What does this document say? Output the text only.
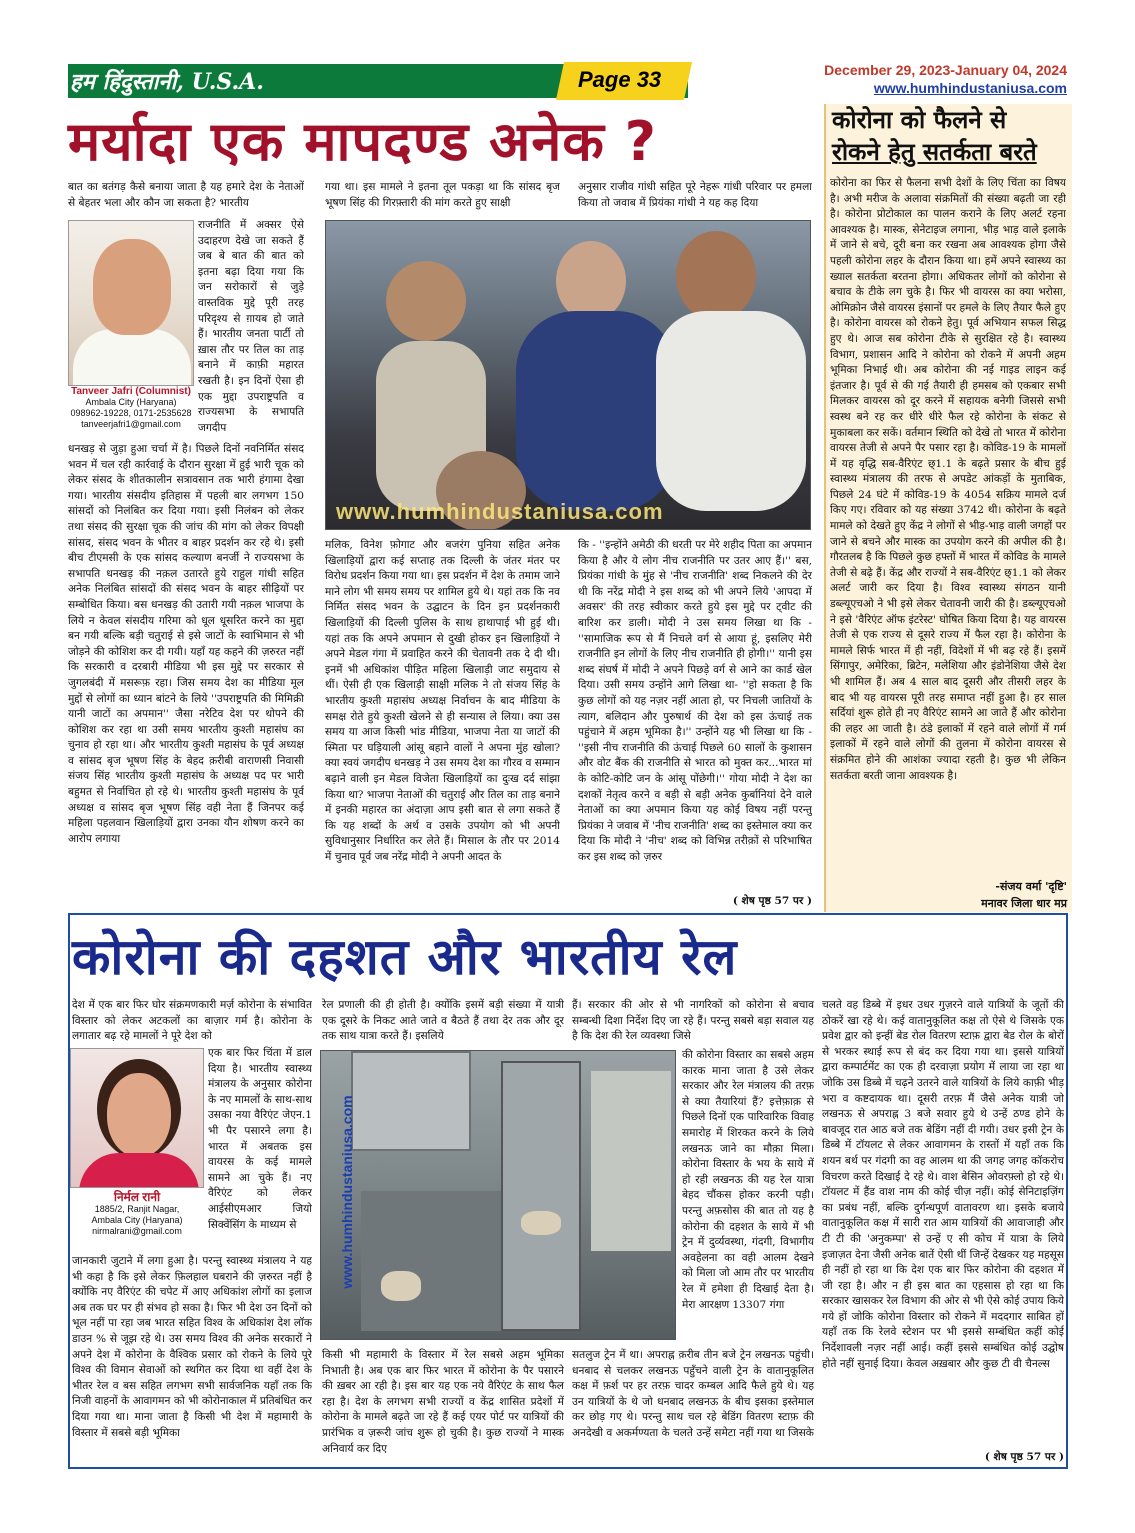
हम हिंदुस्तानी, U.S.A.	Page 33	December 29, 2023-January 04, 2024
www.humhindustaniusa.com
मर्यादा एक मापदण्ड अनेक ?
बात का बतंगड़ कैसे बनाया जाता है यह हमारे देश के नेताओं से बेहतर भला और कौन जा सकता है? भारतीय
Tanveer Jafri (Columnist)
Ambala City (Haryana)
098962-19228, 0171-2535628
tanveerjafri1@gmail.com
राजनीति में अक्सर ऐसे उदाहरण देखे जा सकते हैं जब बे बात की बात को इतना बढ़ा दिया गया कि जन सरोकारों से जुड़े वास्तविक मुद्दे पूरी तरह परिदृश्य से ग़ायब हो जाते हैं। भारतीय जनता पार्टी तो ख़ास तौर पर तिल का ताड़ बनाने में काफ़ी महारत रखती है। इन दिनों ऐसा ही एक मुद्दा उपराष्ट्रपति व राज्यसभा के सभापति जगदीप
धनखड़ से जुड़ा हुआ चर्चा में है। पिछले दिनों नवनिर्मित संसद भवन में चल रही कार्रवाई के दौरान सुरक्षा में हुई भारी चूक को लेकर संसद के शीतकालीन सत्रावसान तक भारी हंगामा देखा गया। भारतीय संसदीय इतिहास में पहली बार लगभग 150 सांसदों को निलंबित कर दिया गया। इसी निलंबन को लेकर तथा संसद की सुरक्षा चूक की जांच की मांग को लेकर विपक्षी सांसद, संसद भवन के भीतर व बाहर प्रदर्शन कर रहे थे। इसी बीच टीएमसी के एक सांसद कल्याण बनर्जी ने राज्यसभा के सभापति धनखड़ की नक़ल उतारते हुये राहुल गांधी सहित अनेक निलंबित सांसदों की संसद भवन के बाहर सीढ़ियों पर सम्बोधित किया। बस धनखड़ की उतारी गयी नक़ल भाजपा के लिये न केवल संसदीय गरिमा को धूल धूसरित करने का मुद्दा बन गयी बल्कि बड़ी चतुराई से इसे जाटों के स्वाभिमान से भी जोड़ने की कोशिश कर दी गयी। यहाँ यह कहने की ज़रुरत नहीं कि सरकारी व दरबारी मीडिया भी इस मुद्दे पर सरकार से जुगलबंदी में मसरूफ़ रहा। जिस समय देश का मीडिया मूल मुद्दों से लोगों का ध्यान बांटने के लिये ''उपराष्ट्रपति की मिमिक्री यानी जाटों का अपमान'' जैसा नरेटिव देश पर थोपने की कोशिश कर रहा था उसी समय भारतीय कुश्ती महासंघ का चुनाव हो रहा था। और भारतीय कुश्ती महासंघ के पूर्व अध्यक्ष व सांसद बृज भूषण सिंह के बेहद क़रीबी वाराणसी निवासी संजय सिंह भारतीय कुश्ती महासंघ के अध्यक्ष पद पर भारी बहुमत से निर्वाचित हो रहे थे। भारतीय कुश्ती महासंघ के पूर्व अध्यक्ष व सांसद बृज भूषण सिंह वही नेता हैं जिनपर कई महिला पहलवान खिलाड़ियों द्वारा उनका यौन शोषण करने का आरोप लगाया
गया था। इस मामले ने इतना तूल पकड़ा था कि सांसद बृज भूषण सिंह की गिरफ़्तारी की मांग करते हुए साक्षी
अनुसार राजीव गांधी सहित पूरे नेहरू गांधी परिवार पर हमला किया तो जवाब में प्रियंका गांधी ने यह कह दिया
www.humhindustaniusa.com
मलिक, विनेश फ़ोगाट और बजरंग पुनिया सहित अनेक खिलाड़ियों द्वारा कई सप्ताह तक दिल्ली के जंतर मंतर पर विरोध प्रदर्शन किया गया था। इस प्रदर्शन में देश के तमाम जाने माने लोग भी समय समय पर शामिल हुये थे। यहां तक कि नव निर्मित संसद भवन के उद्घाटन के दिन इन प्रदर्शनकारी खिलाड़ियों की दिल्ली पुलिस के साथ हाथापाई भी हुई थी। यहां तक कि अपने अपमान से दुखी होकर इन खिलाड़ियों ने अपने मेडल गंगा में प्रवाहित करने की चेतावनी तक दे दी थी। इनमें भी अधिकांश पीड़ित महिला खिलाड़ी जाट समुदाय से थीं। ऐसी ही एक खिलाड़ी साक्षी मलिक ने तो संजय सिंह के भारतीय कुश्ती महासंघ अध्यक्ष निर्वाचन के बाद मीडिया के समक्ष रोते हुये कुश्ती खेलने से ही सन्यास ले लिया। क्या उस समय या आज किसी भांड मीडिया, भाजपा नेता या जाटों की स्मिता पर घड़ियाली आंसू बहाने वालों ने अपना मुंह खोला? क्या स्वयं जगदीप धनखड़ ने उस समय देश का गौरव व सम्मान बढ़ाने वाली इन मेडल विजेता खिलाड़ियों का दुःख दर्द सांझा किया था? भाजपा नेताओं की चतुराई और तिल का ताड़ बनाने में इनकी महारत का अंदाज़ा आप इसी बात से लगा सकते हैं कि यह शब्दों के अर्थ व उसके उपयोग को भी अपनी सुविधानुसार निर्धारित कर लेते हैं। मिसाल के तौर पर 2014 में चुनाव पूर्व जब नरेंद्र मोदी ने अपनी आदत के
कि - ''इन्होंने अमेठी की धरती पर मेरे शहीद पिता का अपमान किया है और ये लोग नीच राजनीति पर उतर आए हैं।'' बस, प्रियंका गांधी के मुंह से 'नीच राजनीति' शब्द निकलने की देर थी कि नरेंद्र मोदी ने इस शब्द को भी अपने लिये 'आपदा में अवसर' की तरह स्वीकार करते हुये इस मुद्दे पर ट्वीट की बारिश कर डाली। मोदी ने उस समय लिखा था कि - ''सामाजिक रूप से मैं निचले वर्ग से आया हूं, इसलिए मेरी राजनीति इन लोगों के लिए नीच राजनीति ही होगी।'' यानी इस शब्द संघर्ष में मोदी ने अपने पिछड़े वर्ग से आने का कार्ड खेल दिया। उसी समय उन्होंने आगे लिखा था- ''हो सकता है कि कुछ लोगों को यह नज़र नहीं आता हो, पर निचली जातियों के त्याग, बलिदान और पुरुषार्थ की देश को इस ऊंचाई तक पहुंचाने में अहम भूमिका है।'' उन्होंने यह भी लिखा था कि - ''इसी नीच राजनीति की ऊंचाई पिछले 60 सालों के कुशासन और वोट बैंक की राजनीति से भारत को मुक्त कर...भारत मां के कोटि-कोटि जन के आंसू पोंछेगी।'' गोया मोदी ने देश का दशकों नेतृत्व करने व बड़ी से बड़ी अनेक कुर्बानियां देने वाले नेताओं का क्या अपमान किया यह कोई विषय नहीं परन्तु प्रियंका ने जवाब में 'नीच राजनीति' शब्द का इस्तेमाल क्या कर दिया कि मोदी ने 'नीच' शब्द को विभिन्न तरीक़ों से परिभाषित कर इस शब्द को ज़रुर
( शेष पृष्ठ 57 पर )
कोरोना को फैलने से
रोकने हेतु सतर्कता बरते
कोरोना का फिर से फैलना सभी देशों के लिए चिंता का विषय है। अभी मरीज के अलावा संक्रमितों की संख्या बढ़ती जा रही है। कोरोना प्रोटोकाल का पालन कराने के लिए अलर्ट रहना आवश्यक है। मास्क, सेनेटाइज लगाना, भीड़ भाड़ वाले इलाके में जाने से बचे, दूरी बना कर रखना अब आवश्यक होगा जैसे पहली कोरोना लहर के दौरान किया था। हमें अपने स्वास्थ्य का ख्याल सतर्कता बरतना होगा। अधिकतर लोगों को कोरोना से बचाव के टीके लग चुके है। फिर भी वायरस का क्या भरोसा, ओमिक्रोन जैसे वायरस इंसानों पर हमले के लिए तैयार फैले हुए है। कोरोना वायरस को रोकने हेतु। पूर्व अभियान सफल सिद्ध हुए थे। आज सब कोरोना टीके से सुरक्षित रहे है। स्वास्थ्य विभाग, प्रशासन आदि ने कोरोना को रोकने में अपनी अहम भूमिका निभाई थी। अब कोरोना की नई गाइड लाइन कई इंतजार है। पूर्व से की गई तैयारी ही हमसब को एकबार सभी मिलकर वायरस को दूर करने में सहायक बनेगी जिससे सभी स्वस्थ बने रह कर धीरे धीरे फैल रहे कोरोना के संकट से मुकाबला कर सकें। वर्तमान स्थिति को देखे तो भारत में कोरोना वायरस तेजी से अपने पैर पसार रहा है। कोविड-19 के मामलों में यह वृद्धि सब-वैरिएंट छ्1.1 के बढ़ते प्रसार के बीच हुई स्वास्थ्य मंत्रालय की तरफ से अपडेट आंकड़ों के मुताबिक, पिछले 24 घंटे में कोविड-19 के 4054 सक्रिय मामले दर्ज किए गए। रविवार को यह संख्या 3742 थी। कोरोना के बढ़ते मामले को देखते हुए केंद्र ने लोगों से भीड़-भाड़ वाली जगहों पर जाने से बचने और मास्क का उपयोग करने की अपील की है। गौरतलब है कि पिछले कुछ हफ्तों में भारत में कोविड के मामले तेजी से बढ़े हैं। केंद्र और राज्यों ने सब-वैरिएंट छ्1.1 को लेकर अलर्ट जारी कर दिया है। विश्व स्वास्थ्य संगठन यानी डब्ल्यूएचओ ने भी इसे लेकर चेतावनी जारी की है। डब्ल्यूएचओ ने इसे 'वैरिएंट ऑफ इंटरेस्ट' घोषित किया दिया है। यह वायरस तेजी से एक राज्य से दूसरे राज्य में फैल रहा है। कोरोना के मामले सिर्फ भारत में ही नहीं, विदेशों में भी बढ़ रहे हैं। इसमें सिंगापुर, अमेरिका, ब्रिटेन, मलेशिया और इंडोनेशिया जैसे देश भी शामिल हैं। अब 4 साल बाद दूसरी और तीसरी लहर के बाद भी यह वायरस पूरी तरह समाप्त नहीं हुआ है। हर साल सर्दियां शुरू होते ही नए वैरिएंट सामने आ जाते हैं और कोरोना की लहर आ जाती है। ठंडे इलाकों में रहने वाले लोगों में गर्म इलाकों में रहने वाले लोगों की तुलना में कोरोना वायरस से संक्रमित होने की आशंका ज्यादा रहती है। कुछ भी लेकिन सतर्कता बरती जाना आवश्यक है।
-संजय वर्मा 'दृष्टि'
मनावर जिला धार मप्र
कोरोना की दहशत और भारतीय रेल
देश में एक बार फिर घोर संक्रमणकारी मर्ज़ कोरोना के संभावित विस्तार को लेकर अटकलों का बाज़ार गर्म है। कोरोना के लगातार बढ़ रहे मामलों ने पूरे देश को
निर्मल रानी
1885/2, Ranjit Nagar,
Ambala City (Haryana)
nirmalrani@gmail.com
एक बार फिर चिंता में डाल दिया है। भारतीय स्वास्थ्य मंत्रालय के अनुसार कोरोना के नए मामलों के साथ-साथ उसका नया वैरिएंट जेएन.1 भी पैर पसारने लगा है। भारत में अबतक इस वायरस के कई मामले सामने आ चुके हैं। नए वैरिएंट को लेकर आईसीएमआर जियो सिक्वेंसिंग के माध्यम से
जानकारी जुटाने में लगा हुआ है। परन्तु स्वास्थ्य मंत्रालय ने यह भी कहा है कि इसे लेकर फ़िलहाल घबराने की ज़रुरत नहीं है क्योंकि नए वैरिएंट की चपेट में आए अधिकांश लोगों का इलाज अब तक घर पर ही संभव हो सका है। फिर भी देश उन दिनों को भूल नहीं पा रहा जब भारत सहित विश्व के अधिकांश देश लॉक डाउन % से जूझ रहे थे। उस समय विश्व की अनेक सरकारों ने अपने देश में कोरोना के वैश्विक प्रसार को रोकने के लिये पूरे विश्व की विमान सेवाओं को स्थगित कर दिया था वहीं देश के भीतर रेल व बस सहित लगभग सभी सार्वजनिक यहाँ तक कि निजी वाहनों के आवागमन को भी कोरोनाकाल में प्रतिबंधित कर दिया गया था। माना जाता है किसी भी देश में महामारी के विस्तार में सबसे बड़ी भूमिका
रेल प्रणाली की ही होती है। क्योंकि इसमें बड़ी संख्या में यात्री एक दूसरे के निकट आते जाते व बैठते हैं तथा देर तक और दूर तक साथ यात्रा करते हैं। इसलिये
हैं। सरकार की ओर से भी नागरिकों को कोरोना से बचाव सम्बन्धी दिशा निर्देश दिए जा रहे हैं। परन्तु सबसे बड़ा सवाल यह है कि देश की रेल व्यवस्था जिसे
www.humhindustaniusa.com
की कोरोना विस्तार का सबसे अहम कारक माना जाता है उसे लेकर सरकार और रेल मंत्रालय की तरफ़ से क्या तैयारियां हैं? इत्तेफ़ाक़ से पिछले दिनों एक पारिवारिक विवाह समारोह में शिरकत करने के लिये लखनऊ जाने का मौक़ा मिला। कोरोना विस्तार के भय के साये में हो रही लखनऊ की यह रेल यात्रा बेहद चौंकस होकर करनी पड़ी। परन्तु अफ़सोस की बात तो यह है कोरोना की दहशत के साये में भी ट्रेन में दुर्व्यवस्था, गंदगी, विभागीय अवहेलना का वही आलम देखने को मिला जो आम तौर पर भारतीय रेल में हमेशा ही दिखाई देता है। मेरा आरक्षण 13307 गंगा
किसी भी महामारी के विस्तार में रेल सबसे अहम भूमिका निभाती है। अब एक बार फिर भारत में कोरोना के पैर पसारने की ख़बर आ रही है। इस बार यह एक नये वैरिएंट के साथ फैल रहा है। देश के लगभग सभी राज्यों व केंद्र शासित प्रदेशों में कोरोना के मामले बढ़ते जा रहे हैं कई एयर पोर्ट पर यात्रियों की प्रारंभिक व ज़रूरी जांच शुरू हो चुकी है। कुछ राज्यों ने मास्क अनिवार्य कर दिए
सतलुज ट्रेन में था। अपराह्न क़रीब तीन बजे ट्रेन लखनऊ पहुंची। धनबाद से चलकर लखनऊ पहुँचने वाली ट्रेन के वातानुकूलित कक्ष में फ़र्श पर हर तरफ़ चादर कम्बल आदि फैले हुये थे। यह उन यात्रियों के थे जो धनबाद लखनऊ के बीच इसका इस्तेमाल कर छोड़ गए थे। परन्तु साथ चल रहे बेडिंग वितरण स्टाफ़ की अनदेखी व अकर्मण्यता के चलते उन्हें समेटा नहीं गया था जिसके
चलते वह डिब्बे में इधर उधर गुज़रने वाले यात्रियों के जूतों की ठोकरें खा रहे थे। कई वातानुकूलित कक्ष तो ऐसे थे जिसके एक प्रवेश द्वार को इन्हीं बेड रोल वितरण स्टाफ़ द्वारा बेड रोल के बोरों से भरकर स्थाई रूप से बंद कर दिया गया था। इससे यात्रियों द्वारा कम्पार्टमेंट का एक ही दरवाज़ा प्रयोग में लाया जा रहा था जोकि उस डिब्बे में चढ़ने उतरने वाले यात्रियों के लिये काफ़ी भीड़ भरा व कष्टदायक था। दूसरी तरफ़ मैं जैसे अनेक यात्री जो लखनऊ से अपराह्न 3 बजे सवार हुये थे उन्हें ठण्ड होने के बावजूद रात आठ बजे तक बेडिंग नहीं दी गयी। उधर इसी ट्रेन के डिब्बे में टॉयलट से लेकर आवागमन के रास्तों में यहाँ तक कि शयन बर्थ पर गंदगी का वह आलम था की जगह जगह कॉकरोच विचरण करते दिखाई दे रहे थे। वाश बेसिन ओवरफ़्लो हो रहे थे। टॉयलट में हैंड वाश नाम की कोई चीज़ नहीं। कोई सेनिटाइज़िंग का प्रबंध नहीं, बल्कि दुर्गन्धपूर्ण वातावरण था। इसके बजाये वातानुकूलित कक्ष में सारी रात आम यात्रियों की आवाजाही और टी टी की 'अनुकम्पा' से उन्हें ए सी कोच में यात्रा के लिये इजाज़त देना जैसी अनेक बातें ऐसी थीं जिन्हें देखकर यह महसूस ही नहीं हो रहा था कि देश एक बार फिर कोरोना की दहशत में जी रहा है। और न ही इस बात का एहसास हो रहा था कि सरकार खासकर रेल विभाग की ओर से भी ऐसे कोई उपाय किये गये हों जोकि कोरोना विस्तार को रोकने में मददगार साबित हों यहाँ तक कि रेलवे स्टेशन पर भी इससे सम्बंधित कहीं कोई निर्देशावली नज़र नहीं आई। कहीं इससे सम्बंधित कोई उद्घोष होते नहीं सुनाई दिया। केवल अख़बार और कुछ टी वी चैनल्स
( शेष पृष्ठ 57 पर )
